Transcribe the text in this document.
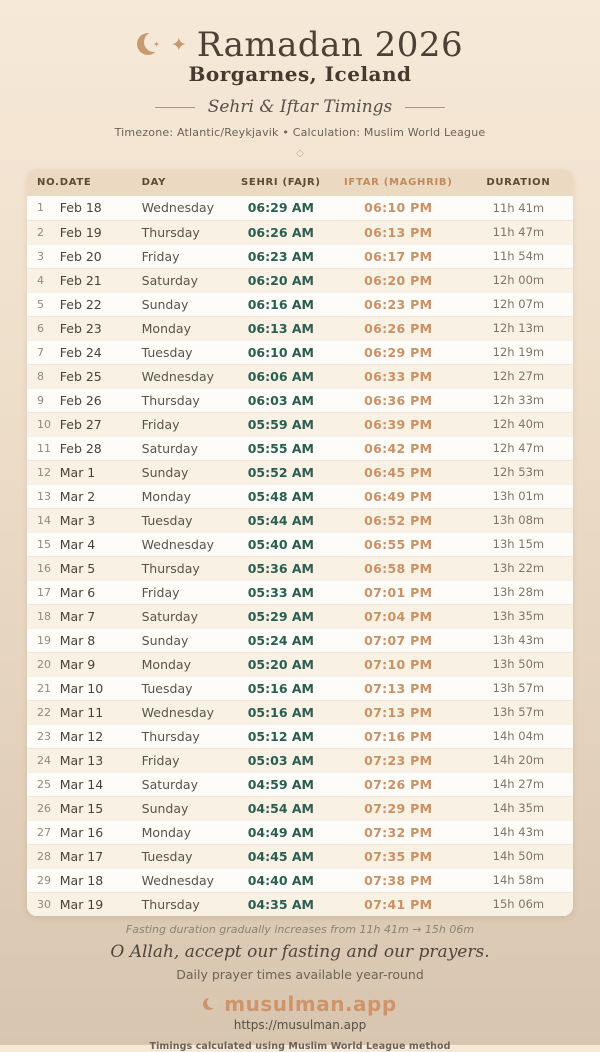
✦ ✦ Ramadan 2026
Borgarnes, Iceland
Sehri & Iftar Timings
Timezone: Atlantic/Reykjavik • Calculation: Muslim World League
◇
NO.	DATE	DAY	SEHRI (FAJR)	IFTAR (MAGHRIB)	DURATION
1	Feb 18	Wednesday	06:29 AM	06:10 PM	11h 41m
2	Feb 19	Thursday	06:26 AM	06:13 PM	11h 47m
3	Feb 20	Friday	06:23 AM	06:17 PM	11h 54m
4	Feb 21	Saturday	06:20 AM	06:20 PM	12h 00m
5	Feb 22	Sunday	06:16 AM	06:23 PM	12h 07m
6	Feb 23	Monday	06:13 AM	06:26 PM	12h 13m
7	Feb 24	Tuesday	06:10 AM	06:29 PM	12h 19m
8	Feb 25	Wednesday	06:06 AM	06:33 PM	12h 27m
9	Feb 26	Thursday	06:03 AM	06:36 PM	12h 33m
10	Feb 27	Friday	05:59 AM	06:39 PM	12h 40m
11	Feb 28	Saturday	05:55 AM	06:42 PM	12h 47m
12	Mar 1	Sunday	05:52 AM	06:45 PM	12h 53m
13	Mar 2	Monday	05:48 AM	06:49 PM	13h 01m
14	Mar 3	Tuesday	05:44 AM	06:52 PM	13h 08m
15	Mar 4	Wednesday	05:40 AM	06:55 PM	13h 15m
16	Mar 5	Thursday	05:36 AM	06:58 PM	13h 22m
17	Mar 6	Friday	05:33 AM	07:01 PM	13h 28m
18	Mar 7	Saturday	05:29 AM	07:04 PM	13h 35m
19	Mar 8	Sunday	05:24 AM	07:07 PM	13h 43m
20	Mar 9	Monday	05:20 AM	07:10 PM	13h 50m
21	Mar 10	Tuesday	05:16 AM	07:13 PM	13h 57m
22	Mar 11	Wednesday	05:16 AM	07:13 PM	13h 57m
23	Mar 12	Thursday	05:12 AM	07:16 PM	14h 04m
24	Mar 13	Friday	05:03 AM	07:23 PM	14h 20m
25	Mar 14	Saturday	04:59 AM	07:26 PM	14h 27m
26	Mar 15	Sunday	04:54 AM	07:29 PM	14h 35m
27	Mar 16	Monday	04:49 AM	07:32 PM	14h 43m
28	Mar 17	Tuesday	04:45 AM	07:35 PM	14h 50m
29	Mar 18	Wednesday	04:40 AM	07:38 PM	14h 58m
30	Mar 19	Thursday	04:35 AM	07:41 PM	15h 06m
Fasting duration gradually increases from 11h 41m → 15h 06m
O Allah, accept our fasting and our prayers.
Daily prayer times available year-round
musulman.app
https://musulman.app
Timings calculated using Muslim World League method
